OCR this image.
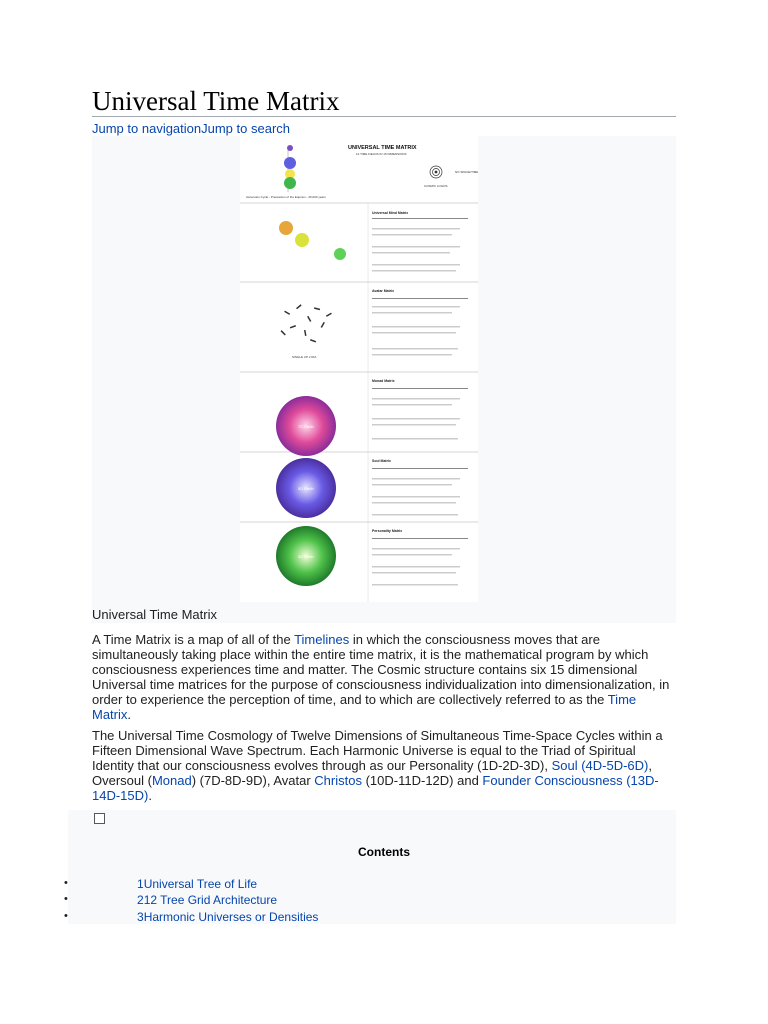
Universal Time Matrix
Jump to navigationJump to search
UNIVERSAL TIME MATRIX
12 TIME FIELDS IN 15 DIMENSIONS
Ascension Cycle - Precession of the Equinox - 26,000 years
COSMIC LOGOS
NO SPACE/TIME
Universal Mind Matrix
SINGLE UP LYRA
Avatar Matrix
7D Earth
Monad Matrix
5D Earth
Soul Matrix
3D Earth
Personality Matrix
Universal Time Matrix

A Time Matrix is a map of all of the Timelines in which the consciousness moves that are simultaneously taking place within the entire time matrix, it is the mathematical program by which consciousness experiences time and matter. The Cosmic structure contains six 15 dimensional Universal time matrices for the purpose of consciousness individualization into dimensionalization, in order to experience the perception of time, and to which are collectively referred to as the Time Matrix.

The Universal Time Cosmology of Twelve Dimensions of Simultaneous Time-Space Cycles within a Fifteen Dimensional Wave Spectrum. Each Harmonic Universe is equal to the Triad of Spiritual Identity that our consciousness evolves through as our Personality (1D-2D-3D), Soul (4D-5D-6D), Oversoul (Monad) (7D-8D-9D), Avatar Christos (10D-11D-12D) and Founder Consciousness (13D-14D-15D).

Contents
•	1Universal Tree of Life
•	212 Tree Grid Architecture
•	3Harmonic Universes or Densities
